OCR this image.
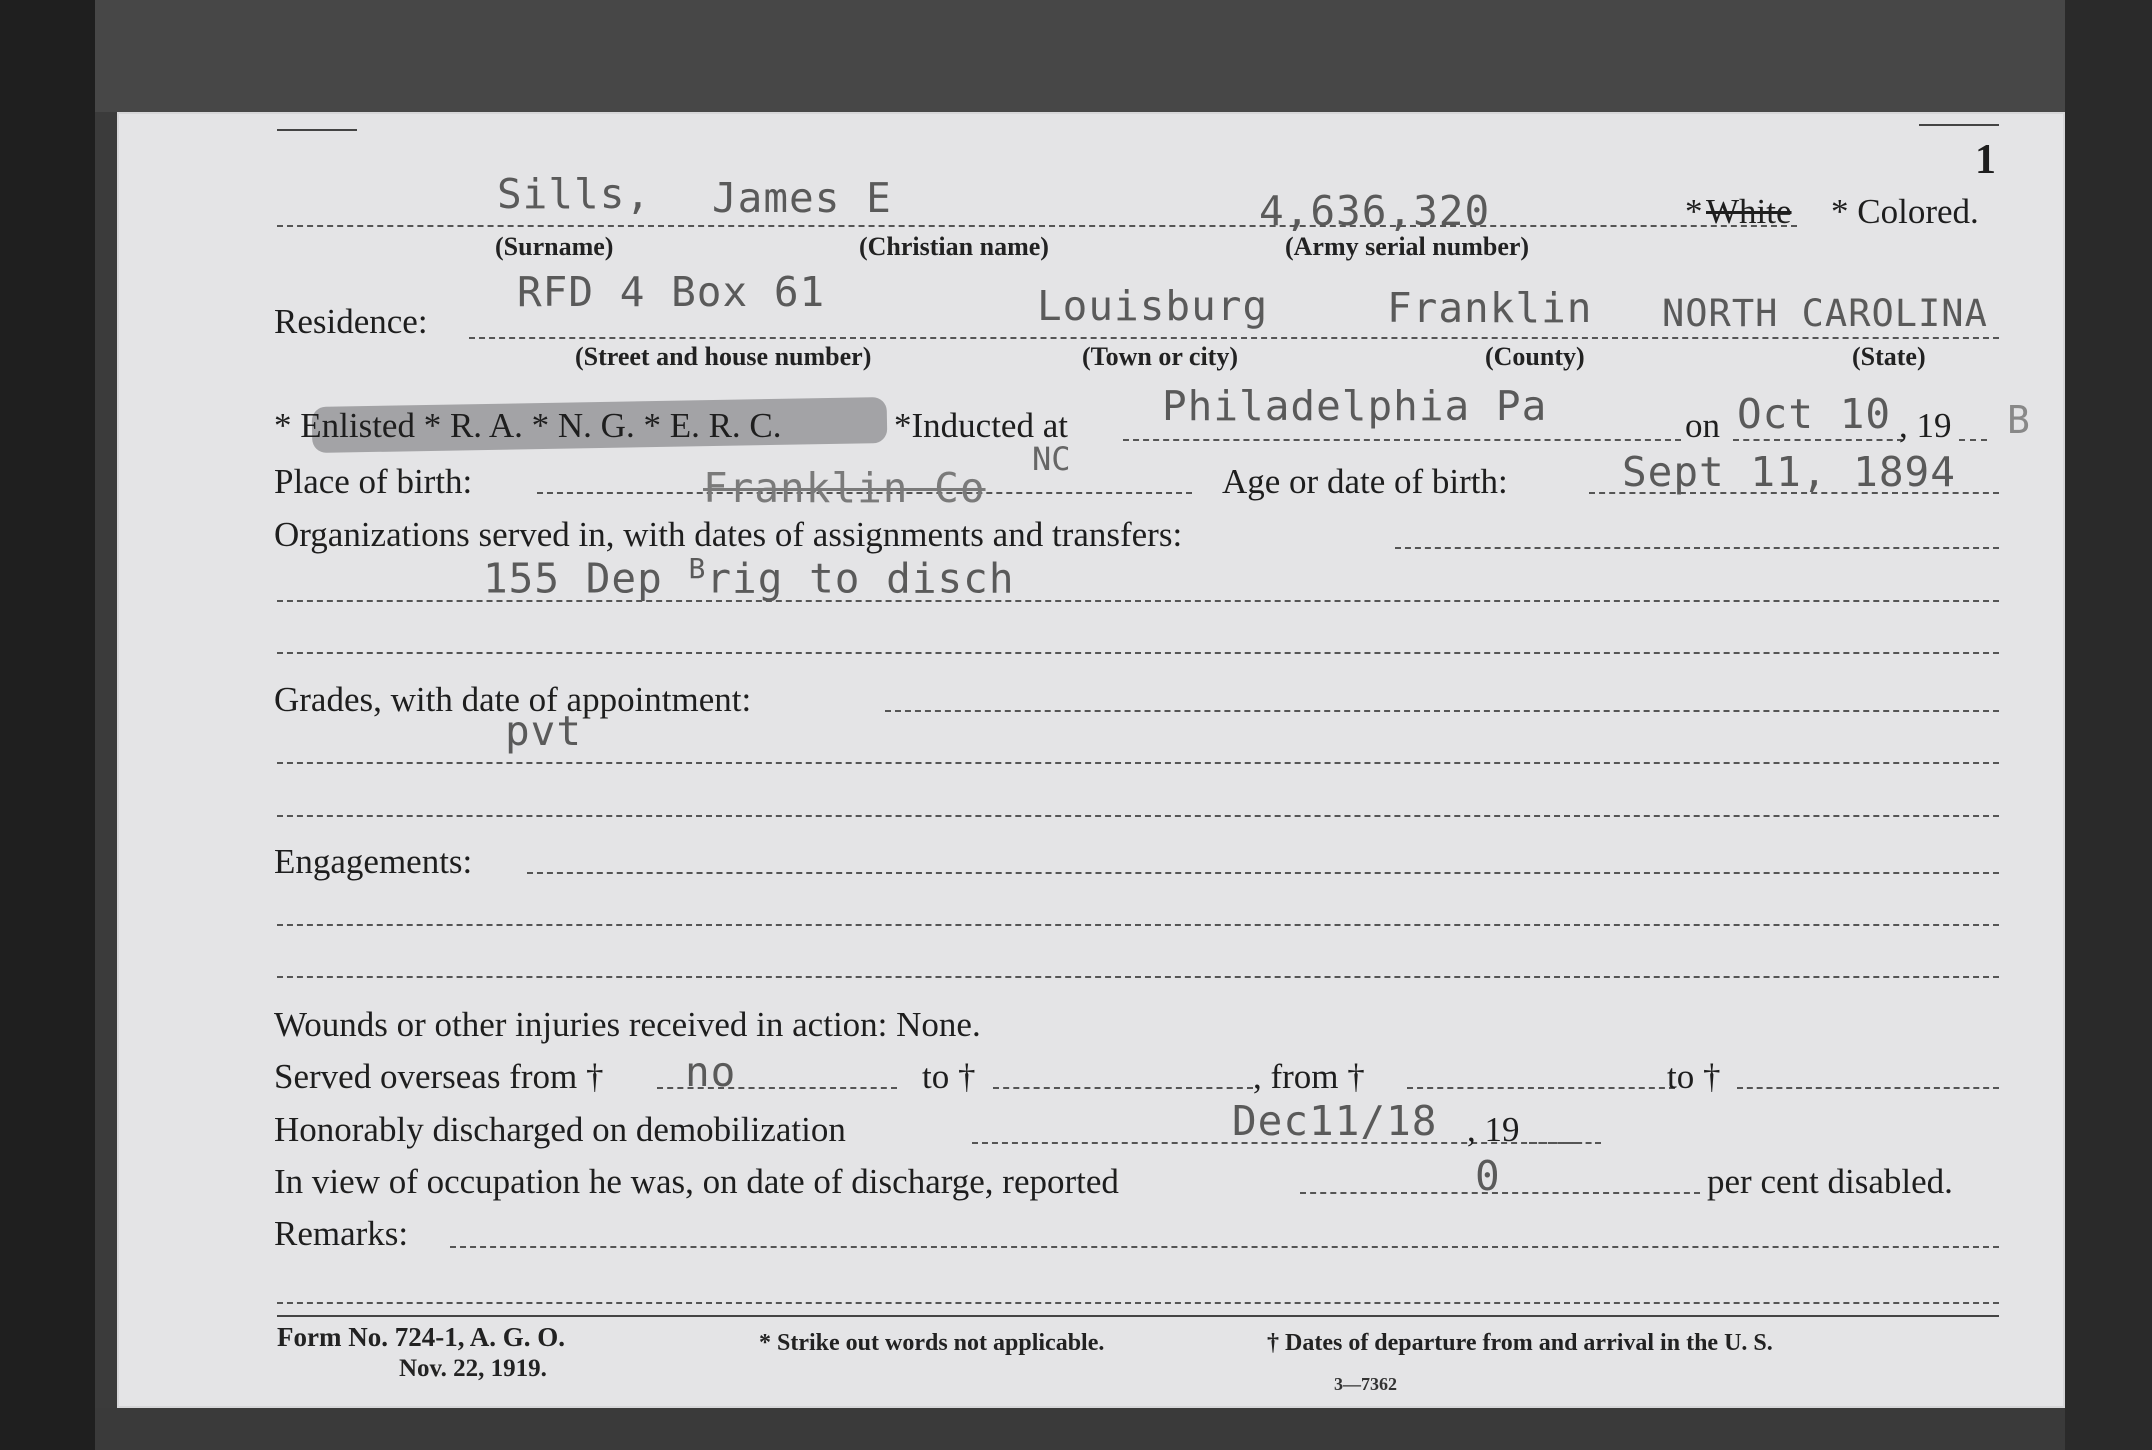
1
Sills, James E	4,636,320	* White * Colored.
(Surname)	(Christian name)	(Army serial number)
Residence:
RFD 4 Box 61	Louisburg	Franklin NORTH CAROLINA
(Street and house number)	(Town or city)	(County)	(State)
* Enlisted * R. A. * N. G. * E. R. C.	*Inducted at Philadelphia Pa	on Oct 10 , 19 B
Place of birth:	Franklin Co
NC
Age or date of birth:	Sept 11, 1894
Organizations served in, with dates of assignments and transfers:
155 Dep $^B$rig to disch
Grades, with date of appointment:
pvt
Engagements:
Wounds or other injuries received in action: None.
Served overseas from † no	to †	, from †	to †
Honorably discharged on demobilization	Dec11/18 , 19
In view of occupation he was, on date of discharge, reported	0	per cent disabled.
Remarks:
Form No. 724-1, A. G. O.
Nov. 22, 1919.
* Strike out words not applicable.	† Dates of departure from and arrival in the U. S.
3—7362
